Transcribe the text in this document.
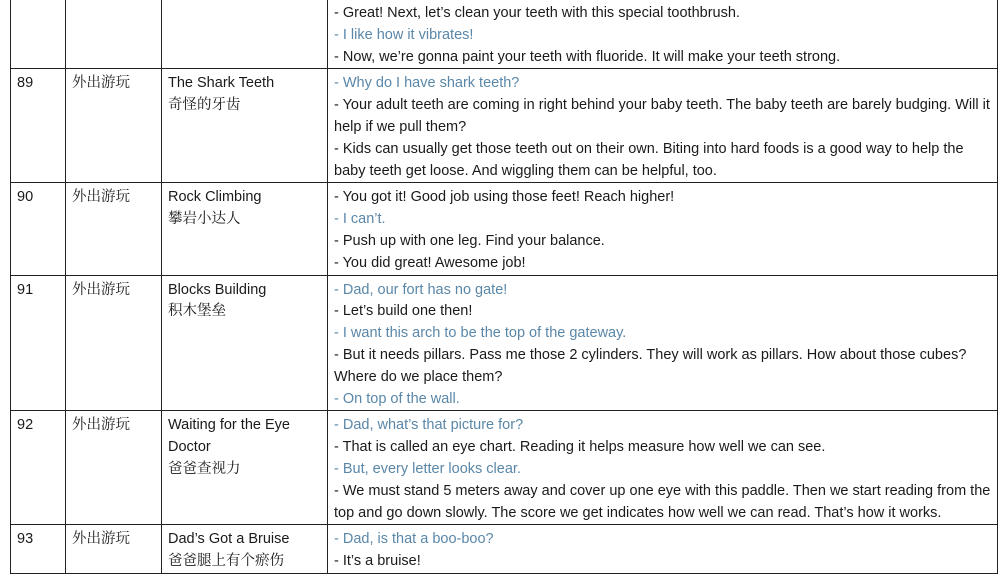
			- Great! Next, let’s clean your teeth with this special toothbrush.
- I like how it vibrates!
- Now, we’re gonna paint your teeth with fluoride. It will make your teeth strong.

89	外出游玩	The Shark Teeth
奇怪的牙齿	- Why do I have shark teeth?
- Your adult teeth are coming in right behind your baby teeth. The baby teeth are barely budging. Will it help if we pull them?
- Kids can usually get those teeth out on their own. Biting into hard foods is a good way to help the baby teeth get loose. And wiggling them can be helpful, too.

90	外出游玩	Rock Climbing
攀岩小达人	- You got it! Good job using those feet! Reach higher!
- I can’t.
- Push up with one leg. Find your balance.
- You did great! Awesome job!

91	外出游玩	Blocks Building
积木堡垒	- Dad, our fort has no gate!
- Let’s build one then!
- I want this arch to be the top of the gateway.
- But it needs pillars. Pass me those 2 cylinders. They will work as pillars. How about those cubes? Where do we place them?
- On top of the wall.

92	外出游玩	Waiting for the Eye Doctor
爸爸查视力	- Dad, what’s that picture for?
- That is called an eye chart. Reading it helps measure how well we can see.
- But, every letter looks clear.
- We must stand 5 meters away and cover up one eye with this paddle. Then we start reading from the top and go down slowly. The score we get indicates how well we can read. That’s how it works.

93	外出游玩	Dad’s Got a Bruise
爸爸腿上有个瘀伤	- Dad, is that a boo-boo?
- It’s a bruise!
